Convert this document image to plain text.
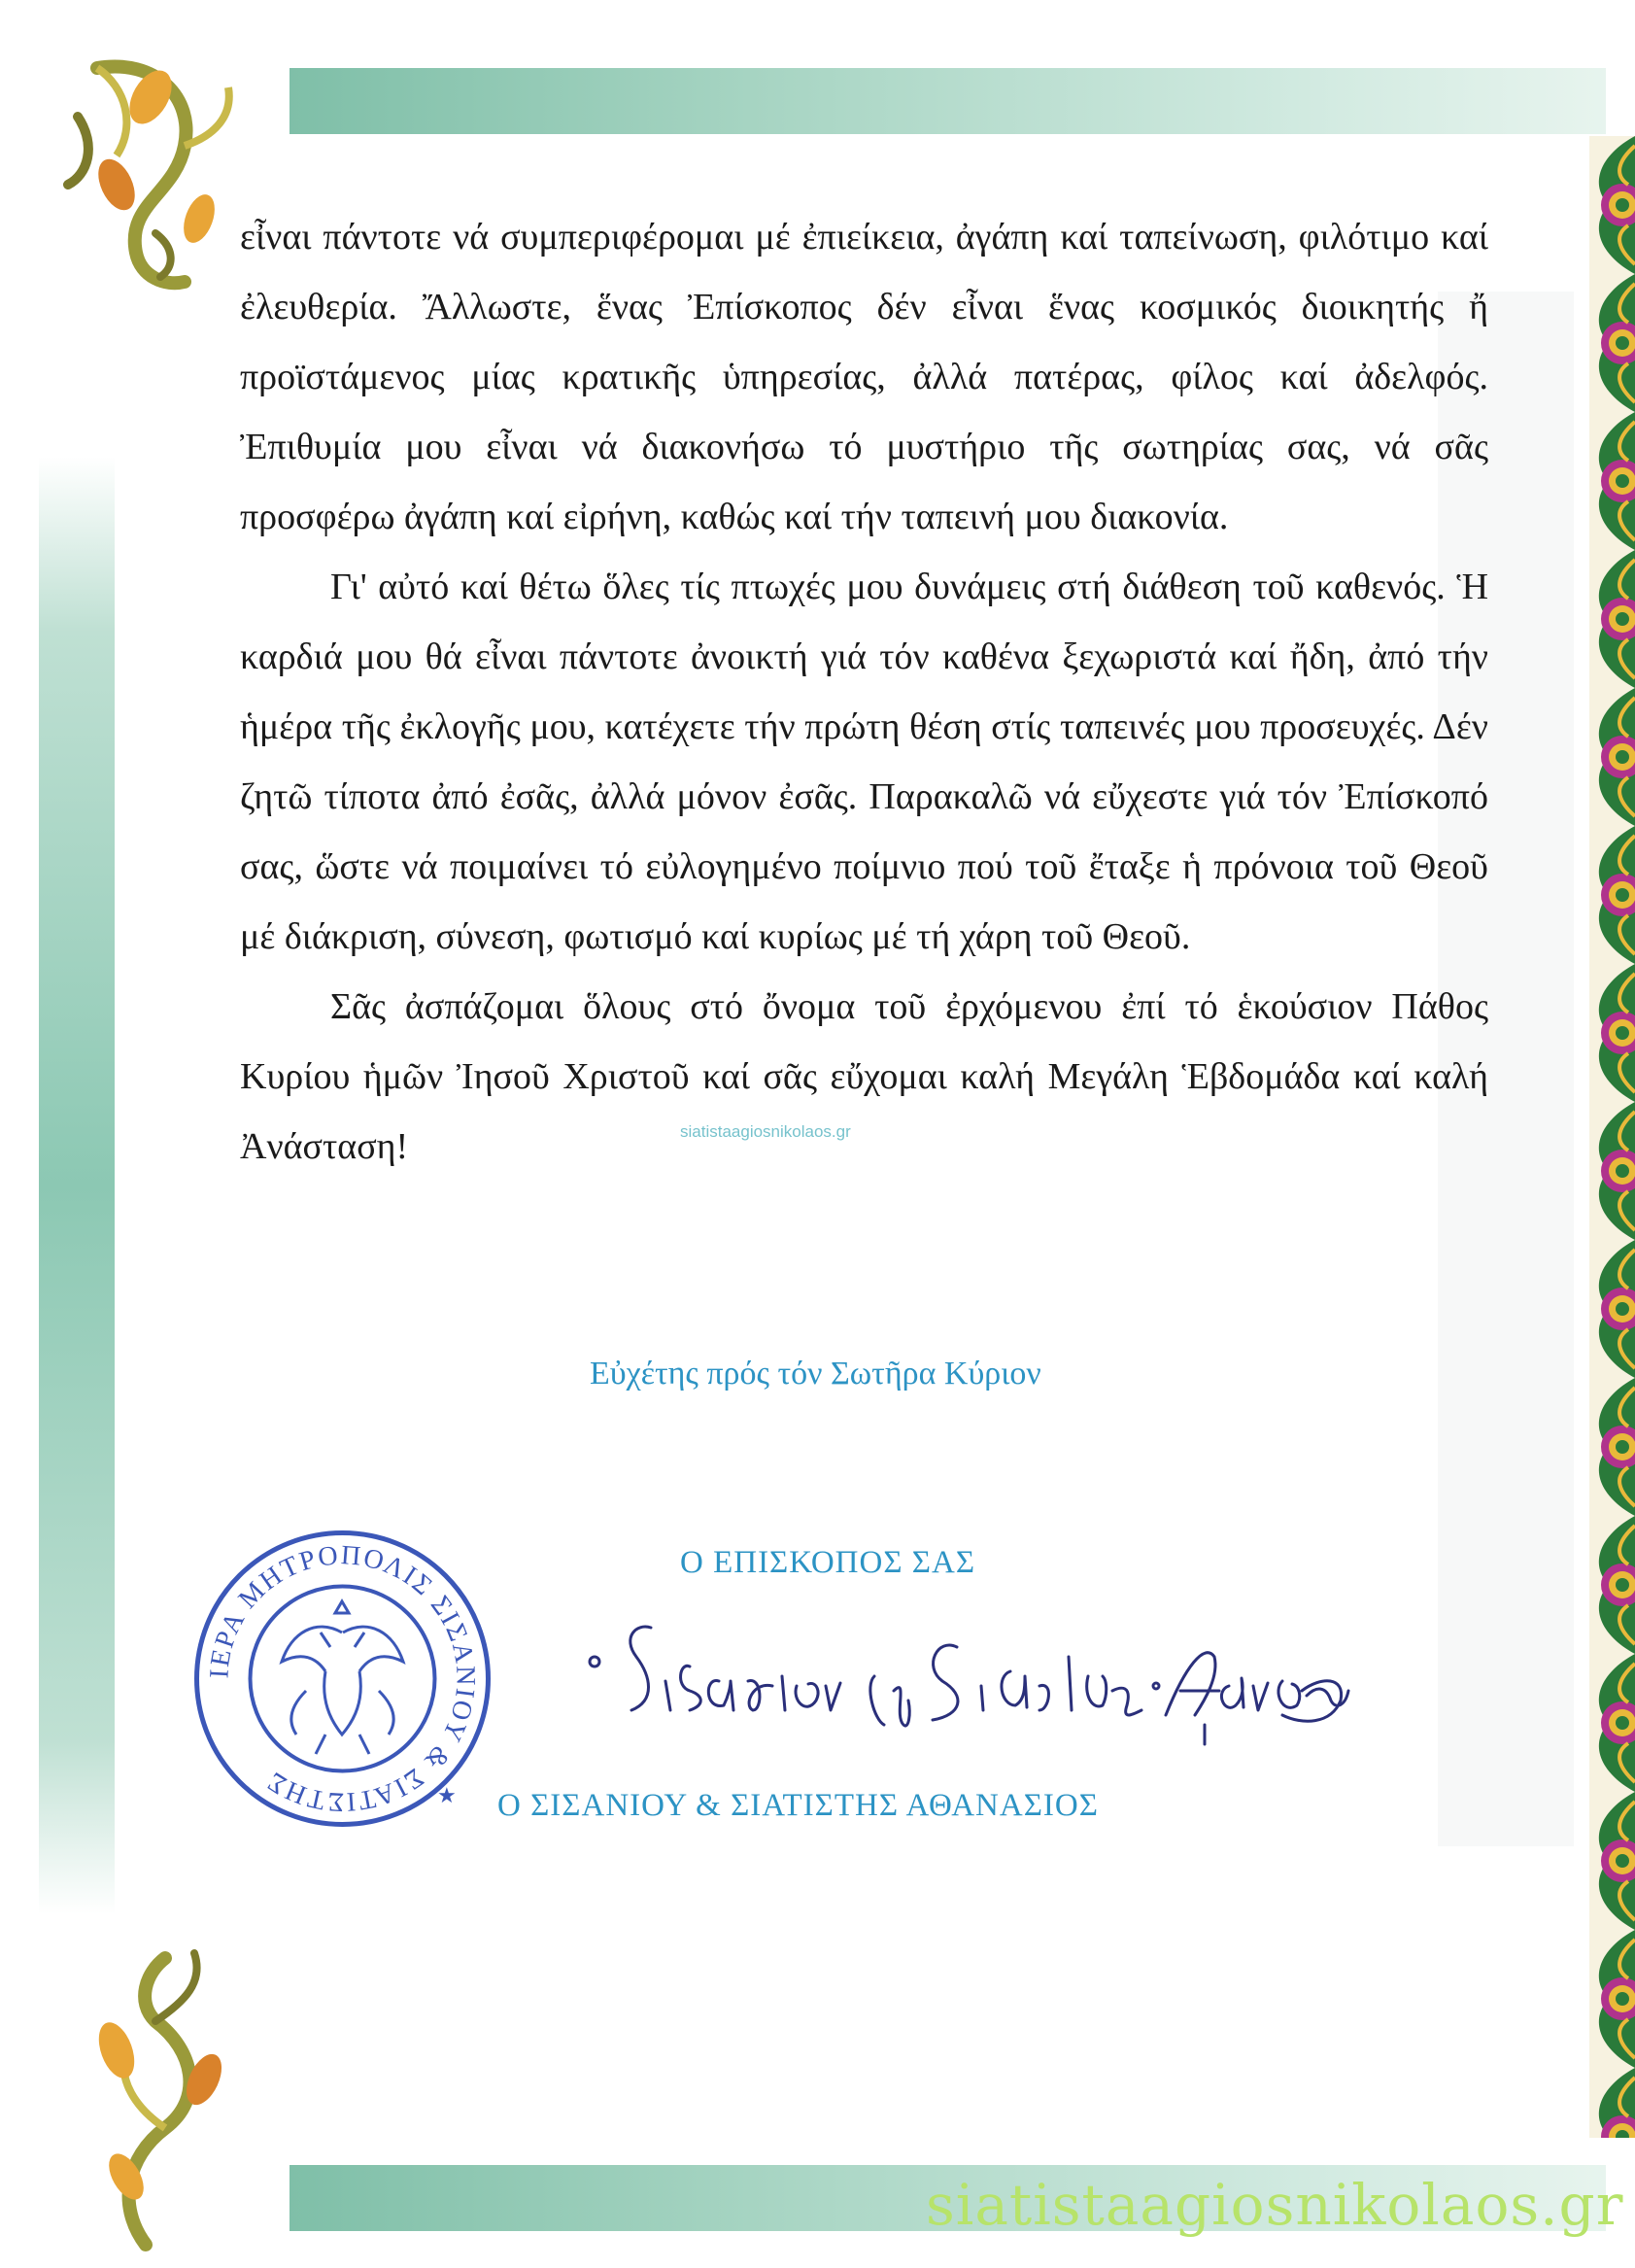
εἶναι πάντοτε νά συμπεριφέρομαι μέ ἐπιείκεια, ἀγάπη καί ταπείνωση, φιλότιμο καί ἐλευθερία. Ἄλλωστε, ἕνας Ἐπίσκοπος δέν εἶναι ἕνας κοσμικός διοικητής ἤ προϊστάμενος μίας κρατικῆς ὑπηρεσίας, ἀλλά πατέρας, φίλος καί ἀδελφός. Ἐπιθυμία μου εἶναι νά διακονήσω τό μυστήριο τῆς σωτηρίας σας, νά σᾶς προσφέρω ἀγάπη καί εἰρήνη, καθώς καί τήν ταπεινή μου διακονία.

Γι' αὐτό καί θέτω ὅλες τίς πτωχές μου δυνάμεις στή διάθεση τοῦ καθενός. Ἡ καρδιά μου θά εἶναι πάντοτε ἀνοικτή γιά τόν καθένα ξεχωριστά καί ἤδη, ἀπό τήν ἡμέρα τῆς ἐκλογῆς μου, κατέχετε τήν πρώτη θέση στίς ταπεινές μου προσευχές. Δέν ζητῶ τίποτα ἀπό ἐσᾶς, ἀλλά μόνον ἐσᾶς. Παρακαλῶ νά εὔχεστε γιά τόν Ἐπίσκοπό σας, ὥστε νά ποιμαίνει τό εὐλογημένο ποίμνιο πού τοῦ ἔταξε ἡ πρόνοια τοῦ Θεοῦ μέ διάκριση, σύνεση, φωτισμό καί κυρίως μέ τή χάρη τοῦ Θεοῦ.

Σᾶς ἀσπάζομαι ὅλους στό ὄνομα τοῦ ἐρχόμενου ἐπί τό ἑκούσιον Πάθος Κυρίου ἡμῶν Ἰησοῦ Χριστοῦ καί σᾶς εὔχομαι καλή Μεγάλη Ἑβδομάδα καί καλή Ἀνάσταση!	siatistaagiosnikolaos.gr
Εὐχέτης πρός τόν Σωτῆρα Κύριον
Ο ΕΠΙΣΚΟΠΟΣ ΣΑΣ
ΙΕΡΑ ΜΗΤΡΟΠΟΛΙΣ ΣΙΣΑΝΙΟΥ & ΣΙΑΤΙΣΤΗΣ	★ Ο ΣΙΣΑΝΙΟΥ & ΣΙΑΤΙΣΤΗΣ ΑΘΑΝΑΣΙΟΣ
siatistaagiosnikolaos.gr
